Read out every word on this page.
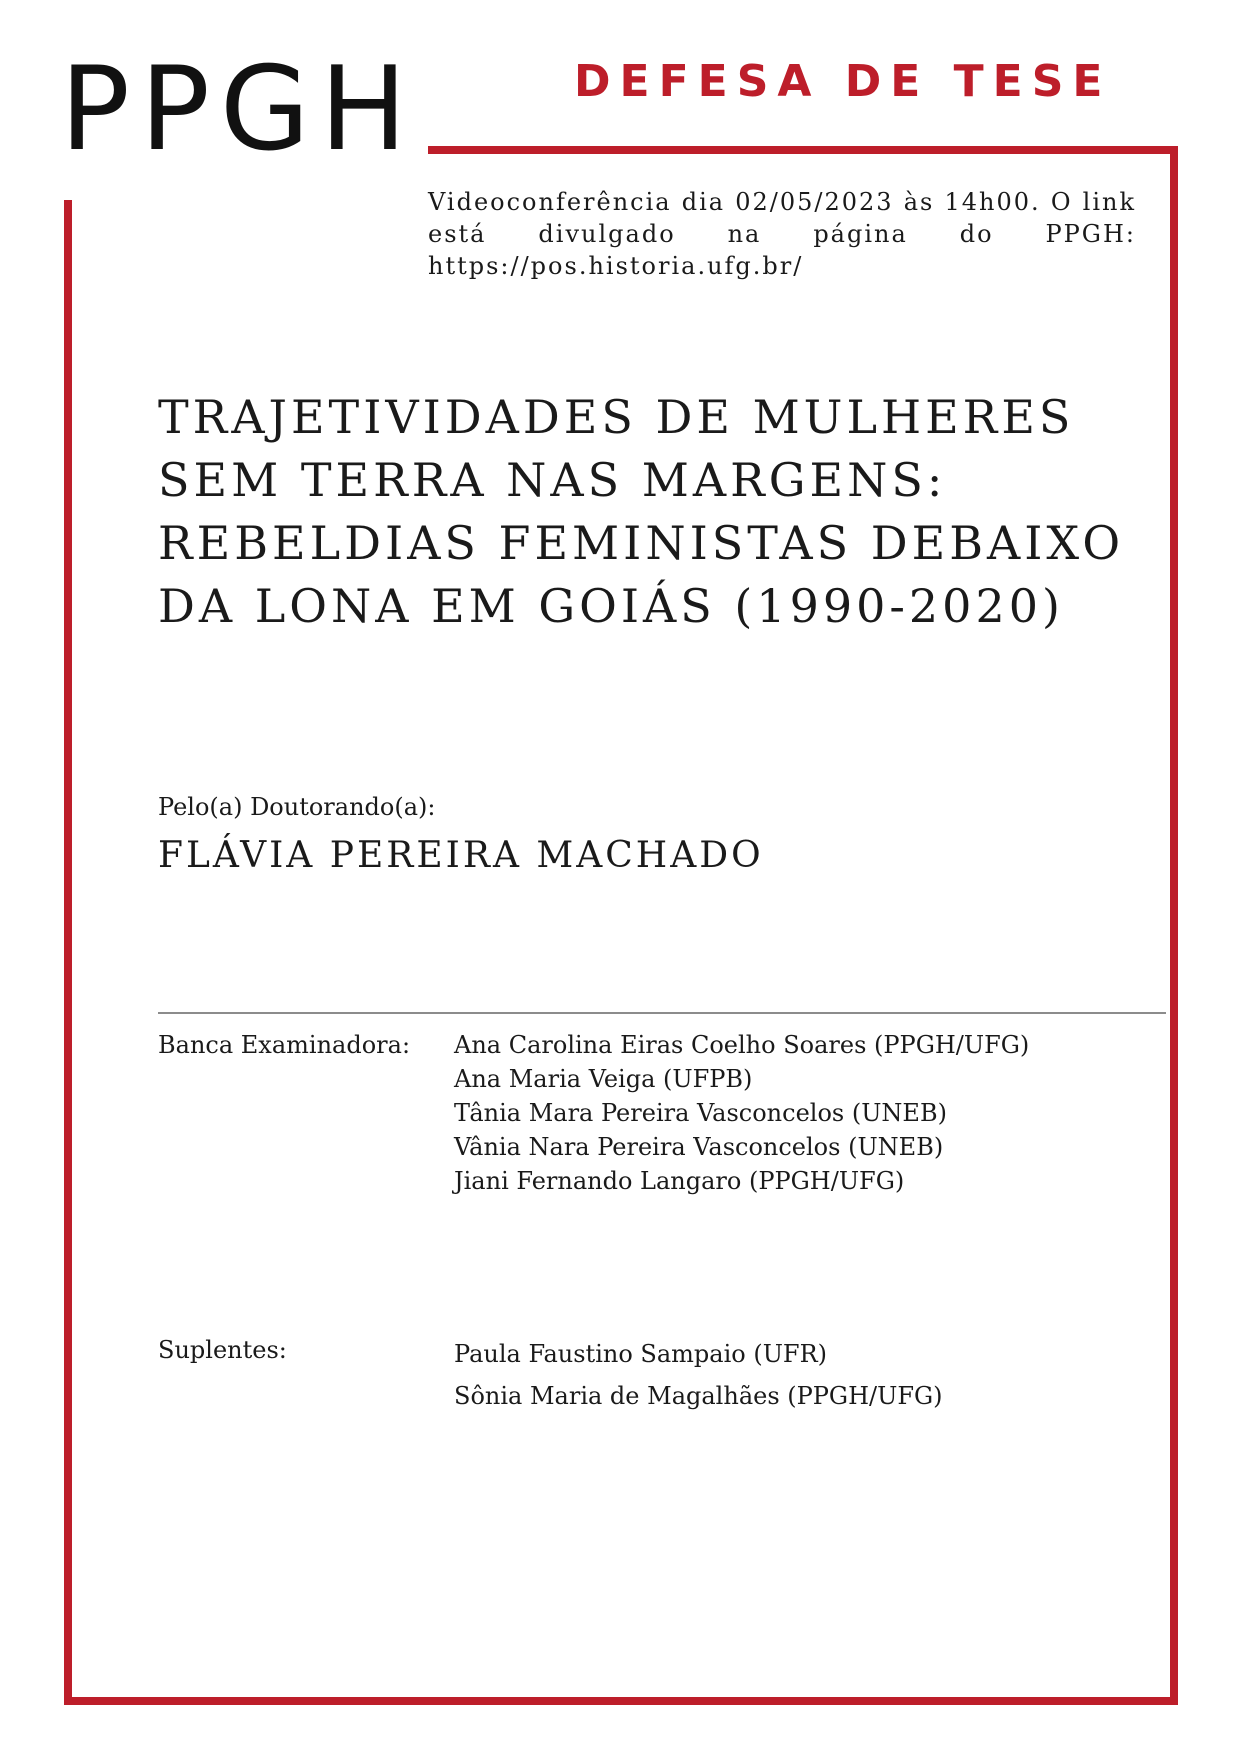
PPGH	DEFESA DE TESE

Videoconferência dia 02/05/2023 às 14h00. O link está divulgado na página do PPGH: https://pos.historia.ufg.br/

TRAJETIVIDADES DE MULHERES SEM TERRA NAS MARGENS: REBELDIAS FEMINISTAS DEBAIXO DA LONA EM GOIÁS (1990-2020)

Pelo(a) Doutorando(a):

FLÁVIA PEREIRA MACHADO

Banca Examinadora: Ana Carolina Eiras Coelho Soares (PPGH/UFG)
Ana Maria Veiga (UFPB)
Tânia Mara Pereira Vasconcelos (UNEB)
Vânia Nara Pereira Vasconcelos (UNEB)
Jiani Fernando Langaro (PPGH/UFG)

Suplentes:	Paula Faustino Sampaio (UFR)
Sônia Maria de Magalhães (PPGH/UFG)
